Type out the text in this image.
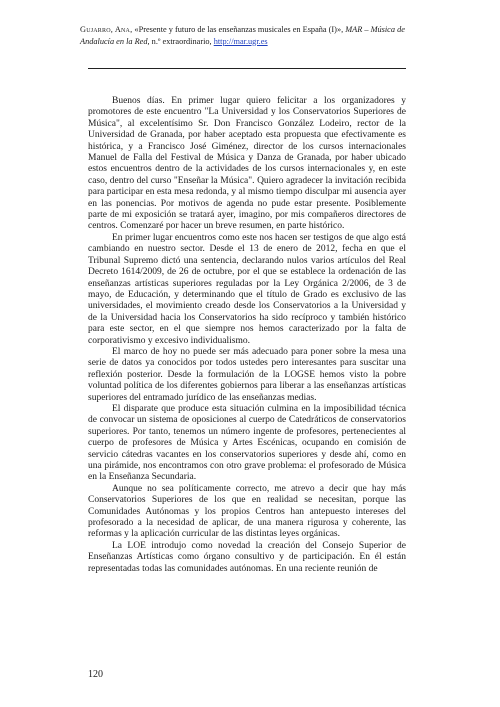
Gujarro, Ana, «Presente y futuro de las enseñanzas musicales en España (I)», MAR – Música de Andalucía en la Red, n.º extraordinario, http://mar.ugr.es

Buenos días. En primer lugar quiero felicitar a los organizadores y promotores de este encuentro "La Universidad y los Conservatorios Superiores de Música", al excelentísimo Sr. Don Francisco González Lodeiro, rector de la Universidad de Granada, por haber aceptado esta propuesta que efectivamente es histórica, y a Francisco José Giménez, director de los cursos internacionales Manuel de Falla del Festival de Música y Danza de Granada, por haber ubicado estos encuentros dentro de la actividades de los cursos internacionales y, en este caso, dentro del curso "Enseñar la Música". Quiero agradecer la invitación recibida para participar en esta mesa redonda, y al mismo tiempo disculpar mi ausencia ayer en las ponencias. Por motivos de agenda no pude estar presente. Posiblemente parte de mi exposición se tratará ayer, imagino, por mis compañeros directores de centros. Comenzaré por hacer un breve resumen, en parte histórico.

En primer lugar encuentros como este nos hacen ser testigos de que algo está cambiando en nuestro sector. Desde el 13 de enero de 2012, fecha en que el Tribunal Supremo dictó una sentencia, declarando nulos varios artículos del Real Decreto 1614/2009, de 26 de octubre, por el que se establece la ordenación de las enseñanzas artísticas superiores reguladas por la Ley Orgánica 2/2006, de 3 de mayo, de Educación, y determinando que el título de Grado es exclusivo de las universidades, el movimiento creado desde los Conservatorios a la Universidad y de la Universidad hacia los Conservatorios ha sido recíproco y también histórico para este sector, en el que siempre nos hemos caracterizado por la falta de corporativismo y excesivo individualismo.

El marco de hoy no puede ser más adecuado para poner sobre la mesa una serie de datos ya conocidos por todos ustedes pero interesantes para suscitar una reflexión posterior. Desde la formulación de la LOGSE hemos visto la pobre voluntad política de los diferentes gobiernos para liberar a las enseñanzas artísticas superiores del entramado jurídico de las enseñanzas medias.

El disparate que produce esta situación culmina en la imposibilidad técnica de convocar un sistema de oposiciones al cuerpo de Catedráticos de conservatorios superiores. Por tanto, tenemos un número ingente de profesores, pertenecientes al cuerpo de profesores de Música y Artes Escénicas, ocupando en comisión de servicio cátedras vacantes en los conservatorios superiores y desde ahí, como en una pirámide, nos encontramos con otro grave problema: el profesorado de Música en la Enseñanza Secundaria.

Aunque no sea políticamente correcto, me atrevo a decir que hay más Conservatorios Superiores de los que en realidad se necesitan, porque las Comunidades Autónomas y los propios Centros han antepuesto intereses del profesorado a la necesidad de aplicar, de una manera rigurosa y coherente, las reformas y la aplicación curricular de las distintas leyes orgánicas.

La LOE introdujo como novedad la creación del Consejo Superior de Enseñanzas Artísticas como órgano consultivo y de participación. En él están representadas todas las comunidades autónomas. En una reciente reunión de

120
